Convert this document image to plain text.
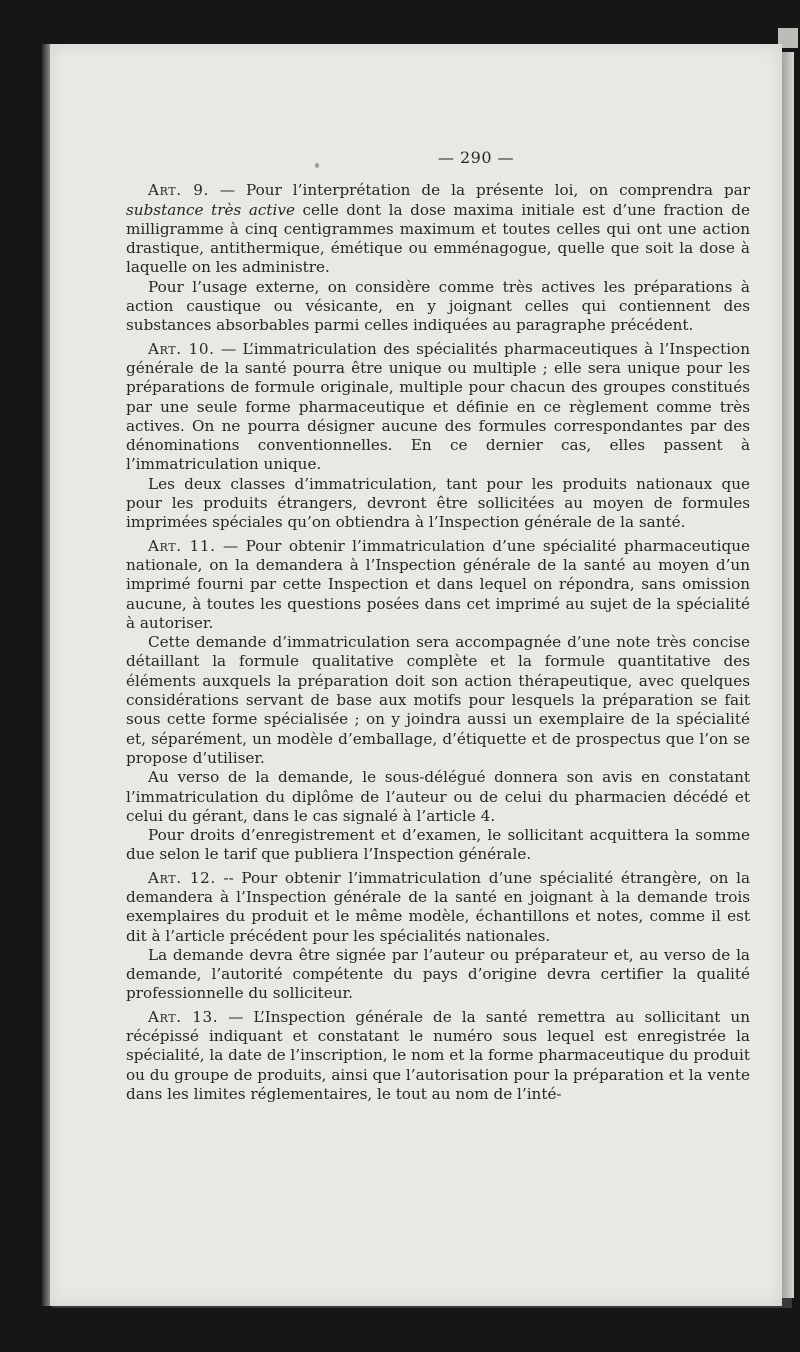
— 290 —

Art. 9. — Pour l’interprétation de la présente loi, on comprendra par substance très active celle dont la dose maxima initiale est d’une fraction de milligramme à cinq centigrammes maximum et toutes celles qui ont une action drastique, antithermique, émétique ou emménagogue, quelle que soit la dose à laquelle on les administre.

Pour l’usage externe, on considère comme très actives les préparations à action caustique ou vésicante, en y joignant celles qui contiennent des substances absorbables parmi celles indiquées au paragraphe précédent.

Art. 10. — L’immatriculation des spécialités pharmaceutiques à l’Inspection générale de la santé pourra être unique ou multiple ; elle sera unique pour les préparations de formule originale, multiple pour chacun des groupes constitués par une seule forme pharmaceutique et définie en ce règlement comme très actives. On ne pourra désigner aucune des formules correspondantes par des dénominations conventionnelles. En ce dernier cas, elles passent à l’immatriculation unique.

Les deux classes d’immatriculation, tant pour les produits nationaux que pour les produits étrangers, devront être sollicitées au moyen de formules imprimées spéciales qu’on obtiendra à l’Inspection générale de la santé.

Art. 11. — Pour obtenir l’immatriculation d’une spécialité pharmaceutique nationale, on la demandera à l’Inspection générale de la santé au moyen d’un imprimé fourni par cette Inspection et dans lequel on répondra, sans omission aucune, à toutes les questions posées dans cet imprimé au sujet de la spécialité à autoriser.

Cette demande d’immatriculation sera accompagnée d’une note très concise détaillant la formule qualitative complète et la formule quantitative des éléments auxquels la préparation doit son action thérapeutique, avec quelques considérations servant de base aux motifs pour lesquels la préparation se fait sous cette forme spécialisée ; on y joindra aussi un exemplaire de la spécialité et, séparément, un modèle d’emballage, d’étiquette et de prospectus que l’on se propose d’utiliser.

Au verso de la demande, le sous-délégué donnera son avis en constatant l’immatriculation du diplôme de l’auteur ou de celui du pharmacien décédé et celui du gérant, dans le cas signalé à l’article 4.

Pour droits d’enregistrement et d’examen, le sollicitant acquittera la somme due selon le tarif que publiera l’Inspection générale.

Art. 12. -- Pour obtenir l’immatriculation d’une spécialité étrangère, on la demandera à l’Inspection générale de la santé en joignant à la demande trois exemplaires du produit et le même modèle, échantillons et notes, comme il est dit à l’article précédent pour les spécialités nationales.

La demande devra être signée par l’auteur ou préparateur et, au verso de la demande, l’autorité compétente du pays d’origine devra certifier la qualité professionnelle du solliciteur.

Art. 13. — L’Inspection générale de la santé remettra au sollicitant un récépissé indiquant et constatant le numéro sous lequel est enregistrée la spécialité, la date de l’inscription, le nom et la forme pharmaceutique du produit ou du groupe de produits, ainsi que l’autorisation pour la préparation et la vente dans les limites réglementaires, le tout au nom de l’inté-
